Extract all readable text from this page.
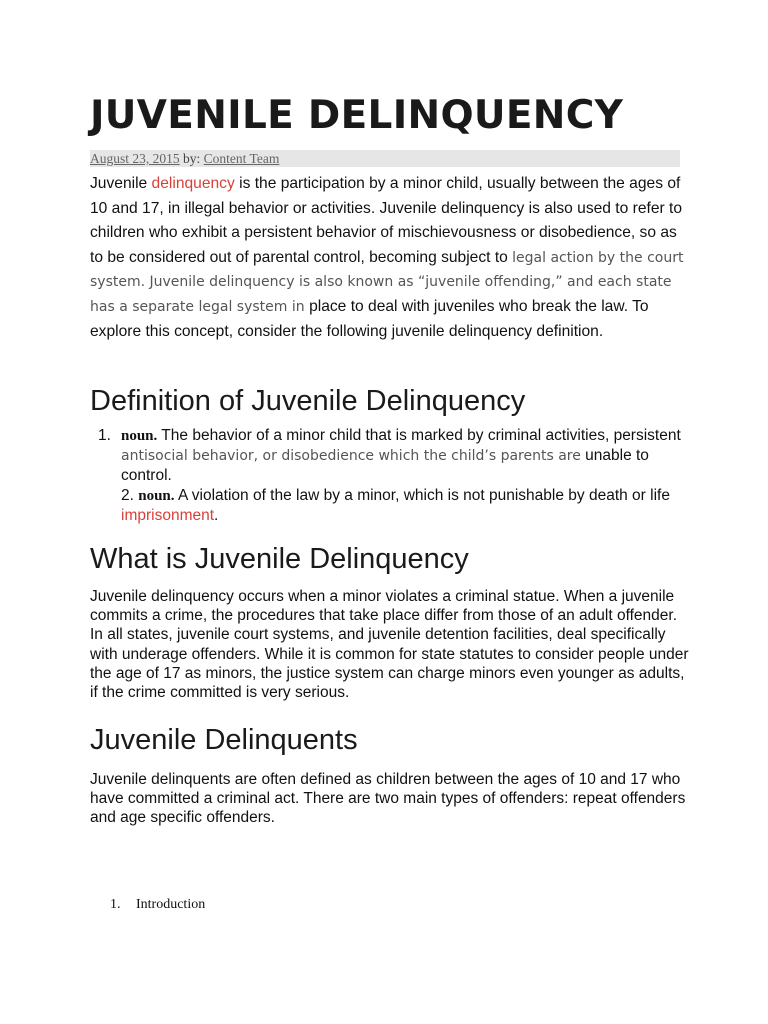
JUVENILE DELINQUENCY
August 23, 2015 by: Content Team

Juvenile delinquency is the participation by a minor child, usually between the ages of 10 and 17, in illegal behavior or activities. Juvenile delinquency is also used to refer to children who exhibit a persistent behavior of mischievousness or disobedience, so as to be considered out of parental control, becoming subject to legal action by the court system. Juvenile delinquency is also known as “juvenile offending,” and each state has a separate legal system in place to deal with juveniles who break the law. To explore this concept, consider the following juvenile delinquency definition.

Definition of Juvenile Delinquency
1. noun. The behavior of a minor child that is marked by criminal activities, persistent antisocial behavior, or disobedience which the child’s parents are unable to control.
2. noun. A violation of the law by a minor, which is not punishable by death or life imprisonment.
What is Juvenile Delinquency

Juvenile delinquency occurs when a minor violates a criminal statue. When a juvenile commits a crime, the procedures that take place differ from those of an adult offender. In all states, juvenile court systems, and juvenile detention facilities, deal specifically with underage offenders. While it is common for state statutes to consider people under the age of 17 as minors, the justice system can charge minors even younger as adults, if the crime committed is very serious.

Juvenile Delinquents

Juvenile delinquents are often defined as children between the ages of 10 and 17 who have committed a criminal act. There are two main types of offenders: repeat offenders and age specific offenders.

1. Introduction
